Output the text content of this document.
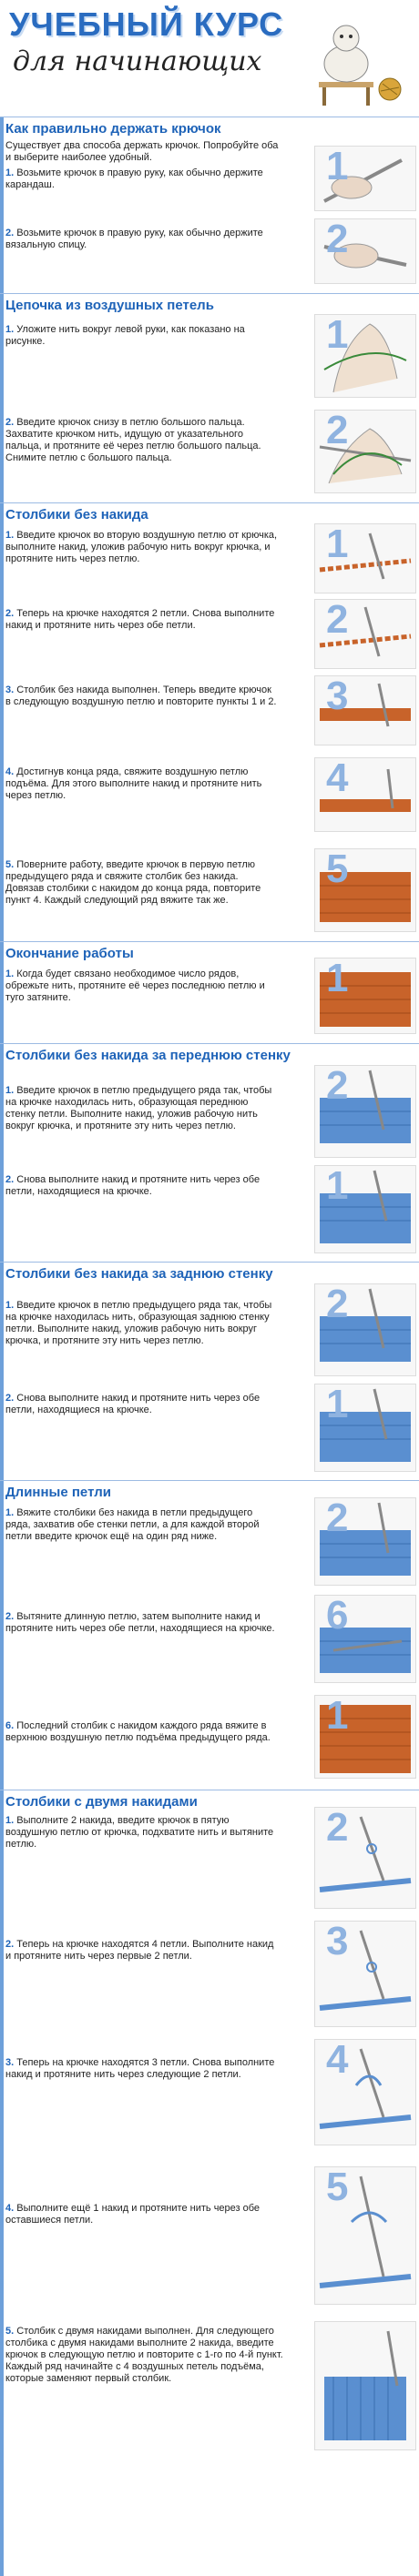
УЧЕБНЫЙ КУРС
для начинающих
Как правильно держать крючок
Существует два способа держать крючок. Попробуйте оба и выберите наиболее удобный.
1. Возьмите крючок в правую руку, как обычно держите карандаш.	1
2. Возьмите крючок в правую руку, как обычно держите вязальную спицу.	2
Цепочка из воздушных петель
1. Уложите нить вокруг левой руки, как показано на рисунке.	1
2. Введите крючок снизу в петлю большого пальца. Захватите крючком нить, идущую от указательного пальца, и протяните её через петлю большого пальца. Снимите петлю с большого пальца.
2
Столбики без накида
1. Введите крючок во вторую воздушную петлю от крючка, выполните накид, уложив рабочую нить вокруг крючка, и протяните нить через петлю.	1
2. Теперь на крючке находятся 2 петли. Снова выполните накид и протяните нить через обе петли.	2
3. Столбик без накида выполнен. Теперь введите крючок в следующую воздушную петлю и повторите пункты 1 и 2. 3
4. Достигнув конца ряда, свяжите воздушную петлю подъёма. Для этого выполните накид и протяните нить через петлю.	4
5. Поверните работу, введите крючок в первую петлю предыдущего ряда и свяжите столбик без накида. Довязав столбики с накидом до конца ряда, повторите пункт 4. Каждый следующий ряд вяжите так же.
5
Окончание работы
1. Когда будет связано необходимое число рядов, обрежьте нить, протяните её через последнюю петлю и туго затяните.	1
Столбики без накида за переднюю стенку
1. Введите крючок в петлю предыдущего ряда так, чтобы на крючке находилась нить, образующая переднюю стенку петли. Выполните накид, уложив рабочую нить вокруг крючка, и протяните эту нить через петлю.
2
2. Снова выполните накид и протяните нить через обе петли, находящиеся на крючке.	1
Столбики без накида за заднюю стенку
1. Введите крючок в петлю предыдущего ряда так, чтобы на крючке находилась нить, образующая заднюю стенку петли. Выполните накид, уложив рабочую нить вокруг крючка, и протяните эту нить через петлю.
2
2. Снова выполните накид и протяните нить через обе петли, находящиеся на крючке.	1
Длинные петли
1. Вяжите столбики без накида в петли предыдущего ряда, захватив обе стенки петли, а для каждой второй петли введите крючок ещё на один ряд ниже.	2
2. Вытяните длинную петлю, затем выполните накид и протяните нить через обе петли, находящиеся на крючке. 6
6. Последний столбик с накидом каждого ряда вяжите в верхнюю воздушную петлю подъёма предыдущего ряда. 1
Столбики с двумя накидами
1. Выполните 2 накида, введите крючок в пятую воздушную петлю от крючка, подхватите нить и вытяните петлю.	2
2. Теперь на крючке находятся 4 петли. Выполните накид и протяните нить через первые 2 петли.	3
3. Теперь на крючке находятся 3 петли. Снова выполните накид и протяните нить через следующие 2 петли.	4
4. Выполните ещё 1 накид и протяните нить через обе оставшиеся петли.
5
5. Столбик с двумя накидами выполнен. Для следующего столбика с двумя накидами выполните 2 накида, введите крючок в следующую петлю и повторите с 1-го по 4-й пункт. Каждый ряд начинайте с 4 воздушных петель подъёма, которые заменяют первый столбик.
